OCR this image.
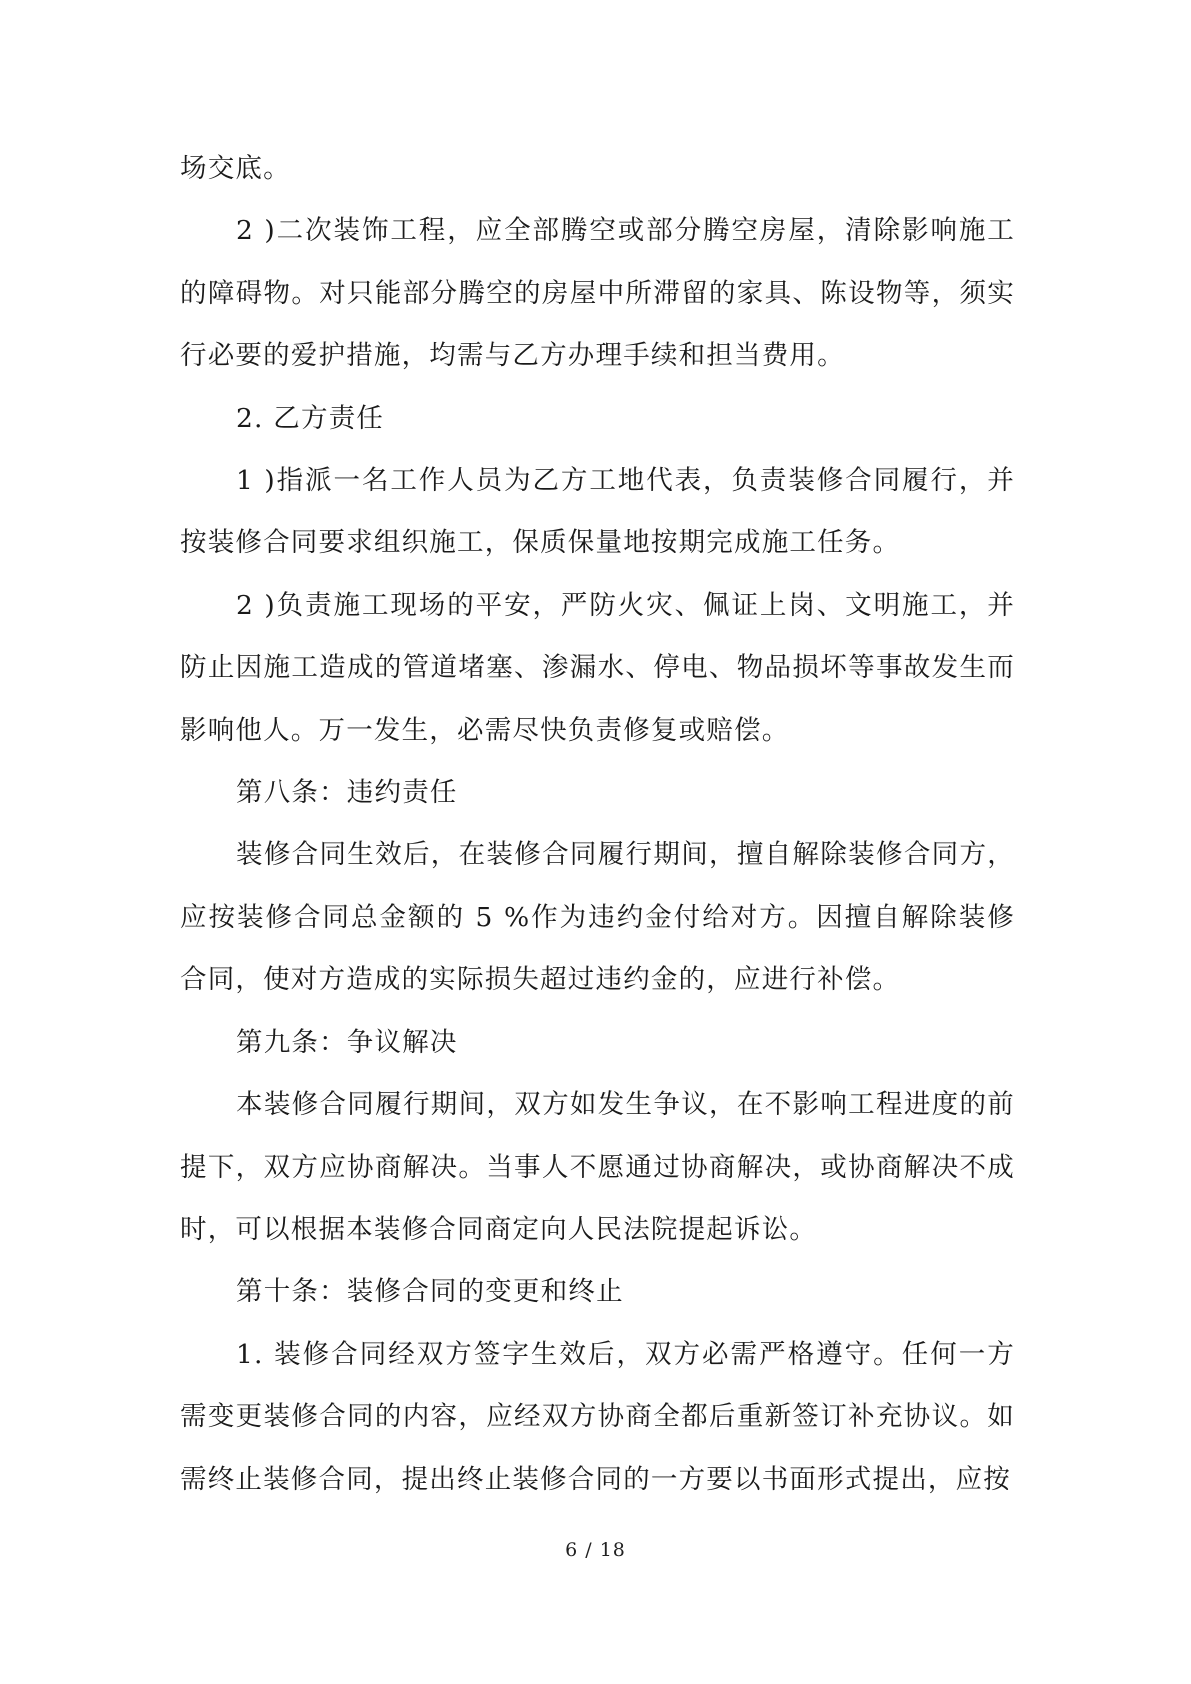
场交底。

2 )二次装饰工程，应全部腾空或部分腾空房屋，清除影响施工的障碍物。对只能部分腾空的房屋中所滞留的家具、陈设物等，须实行必要的爱护措施，均需与乙方办理手续和担当费用。

2. 乙方责任

1 )指派一名工作人员为乙方工地代表，负责装修合同履行，并按装修合同要求组织施工，保质保量地按期完成施工任务。

2 )负责施工现场的平安，严防火灾、佩证上岗、文明施工，并防止因施工造成的管道堵塞、渗漏水、停电、物品损坏等事故发生而影响他人。万一发生，必需尽快负责修复或赔偿。

第八条：违约责任

装修合同生效后，在装修合同履行期间，擅自解除装修合同方，应按装修合同总金额的 5 %作为违约金付给对方。因擅自解除装修合同，使对方造成的实际损失超过违约金的，应进行补偿。

第九条：争议解决

本装修合同履行期间，双方如发生争议，在不影响工程进度的前提下，双方应协商解决。当事人不愿通过协商解决，或协商解决不成时，可以根据本装修合同商定向人民法院提起诉讼。

第十条：装修合同的变更和终止

1. 装修合同经双方签字生效后，双方必需严格遵守。任何一方需变更装修合同的内容，应经双方协商全都后重新签订补充协议。如需终止装修合同，提出终止装修合同的一方要以书面形式提出，应按

6 / 18
